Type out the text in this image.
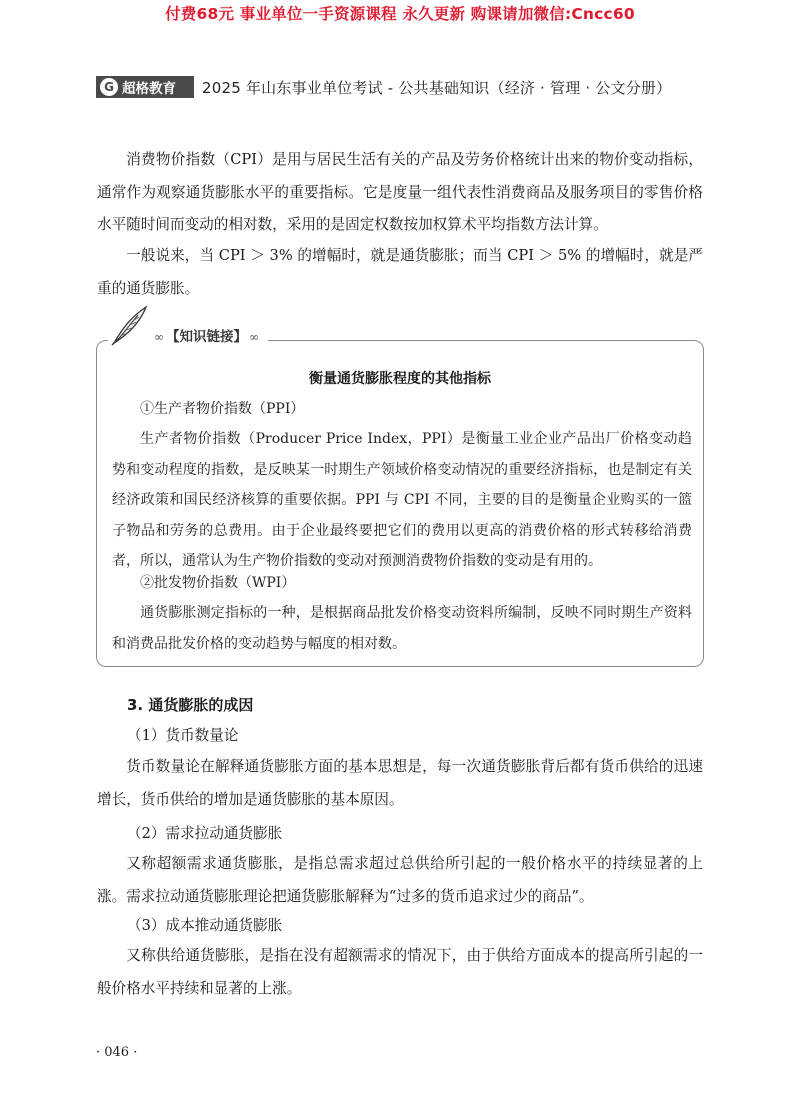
付费68元 事业单位一手资源课程 永久更新 购课请加微信:Cncc60
G 超格教育 2025 年山东事业单位考试 - 公共基础知识（经济 · 管理 · 公文分册）

消费物价指数（CPI）是用与居民生活有关的产品及劳务价格统计出来的物价变动指标，通常作为观察通货膨胀水平的重要指标。它是度量一组代表性消费商品及服务项目的零售价格水平随时间而变动的相对数，采用的是固定权数按加权算术平均指数方法计算。

一般说来，当 CPI ＞ 3% 的增幅时，就是通货膨胀；而当 CPI ＞ 5% 的增幅时，就是严重的通货膨胀。

∞ 【知识链接】 ∞
衡量通货膨胀程度的其他指标

①生产者物价指数（PPI）

生产者物价指数（Producer Price Index，PPI）是衡量工业企业产品出厂价格变动趋势和变动程度的指数，是反映某一时期生产领域价格变动情况的重要经济指标，也是制定有关经济政策和国民经济核算的重要依据。PPI 与 CPI 不同，主要的目的是衡量企业购买的一篮子物品和劳务的总费用。由于企业最终要把它们的费用以更高的消费价格的形式转移给消费者，所以，通常认为生产物价指数的变动对预测消费物价指数的变动是有用的。

②批发物价指数（WPI）

通货膨胀测定指标的一种，是根据商品批发价格变动资料所编制，反映不同时期生产资料和消费品批发价格的变动趋势与幅度的相对数。

3. 通货膨胀的成因
（1）货币数量论

货币数量论在解释通货膨胀方面的基本思想是，每一次通货膨胀背后都有货币供给的迅速增长，货币供给的增加是通货膨胀的基本原因。

（2）需求拉动通货膨胀

又称超额需求通货膨胀，是指总需求超过总供给所引起的一般价格水平的持续显著的上涨。需求拉动通货膨胀理论把通货膨胀解释为“过多的货币追求过少的商品”。

（3）成本推动通货膨胀

又称供给通货膨胀，是指在没有超额需求的情况下，由于供给方面成本的提高所引起的一般价格水平持续和显著的上涨。

· 046 ·
